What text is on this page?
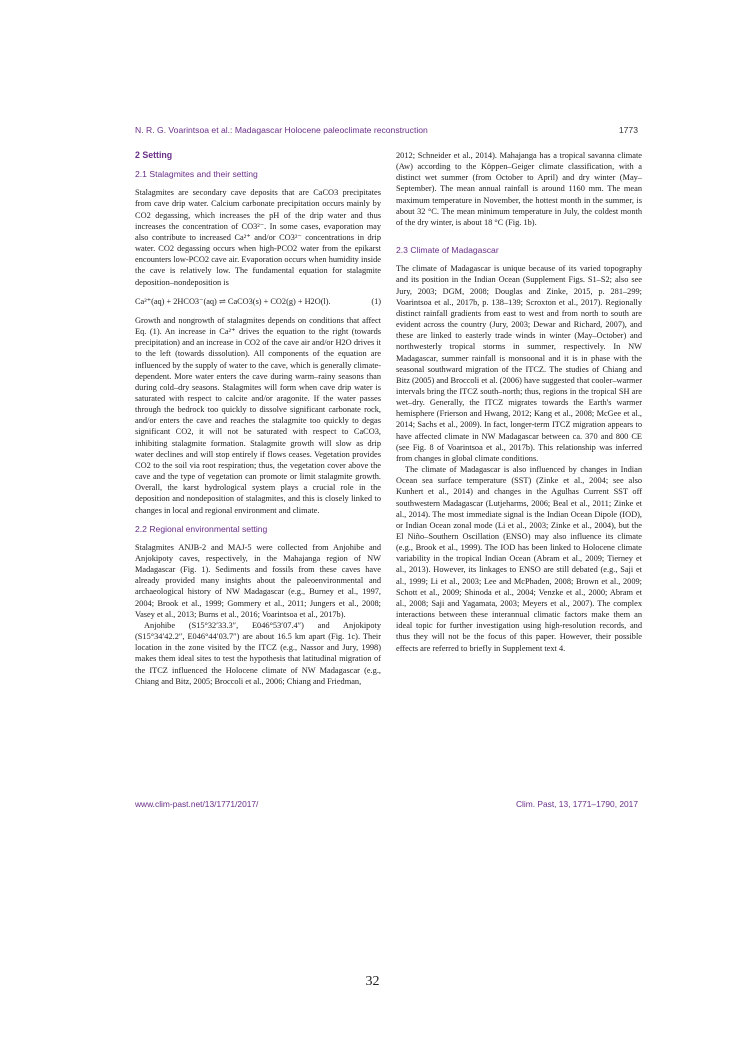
N. R. G. Voarintsoa et al.: Madagascar Holocene paleoclimate reconstruction	1773
2 Setting
2.1 Stalagmites and their setting

Stalagmites are secondary cave deposits that are CaCO3 precipitates from cave drip water. Calcium carbonate precipitation occurs mainly by CO2 degassing, which increases the pH of the drip water and thus increases the concentration of CO3²⁻. In some cases, evaporation may also contribute to increased Ca²⁺ and/or CO3²⁻ concentrations in drip water. CO2 degassing occurs when high-PCO2 water from the epikarst encounters low-PCO2 cave air. Evaporation occurs when humidity inside the cave is relatively low. The fundamental equation for stalagmite deposition–nondeposition is

Ca²⁺(aq) + 2HCO3⁻(aq) ⇌ CaCO3(s) + CO2(g) + H2O(l).	(1)

Growth and nongrowth of stalagmites depends on conditions that affect Eq. (1). An increase in Ca²⁺ drives the equation to the right (towards precipitation) and an increase in CO2 of the cave air and/or H2O drives it to the left (towards dissolution). All components of the equation are influenced by the supply of water to the cave, which is generally climate-dependent. More water enters the cave during warm–rainy seasons than during cold–dry seasons. Stalagmites will form when cave drip water is saturated with respect to calcite and/or aragonite. If the water passes through the bedrock too quickly to dissolve significant carbonate rock, and/or enters the cave and reaches the stalagmite too quickly to degas significant CO2, it will not be saturated with respect to CaCO3, inhibiting stalagmite formation. Stalagmite growth will slow as drip water declines and will stop entirely if flows ceases. Vegetation provides CO2 to the soil via root respiration; thus, the vegetation cover above the cave and the type of vegetation can promote or limit stalagmite growth. Overall, the karst hydrological system plays a crucial role in the deposition and nondeposition of stalagmites, and this is closely linked to changes in local and regional environment and climate.

2.2 Regional environmental setting

Stalagmites ANJB-2 and MAJ-5 were collected from Anjohibe and Anjokipoty caves, respectively, in the Mahajanga region of NW Madagascar (Fig. 1). Sediments and fossils from these caves have already provided many insights about the paleoenvironmental and archaeological history of NW Madagascar (e.g., Burney et al., 1997, 2004; Brook et al., 1999; Gommery et al., 2011; Jungers et al., 2008; Vasey et al., 2013; Burns et al., 2016; Voarintsoa et al., 2017b).

Anjohibe (S15°32′33.3″, E046°53′07.4″) and Anjokipoty (S15°34′42.2″, E046°44′03.7″) are about 16.5 km apart (Fig. 1c). Their location in the zone visited by the ITCZ (e.g., Nassor and Jury, 1998) makes them ideal sites to test the hypothesis that latitudinal migration of the ITCZ influenced the Holocene climate of NW Madagascar (e.g., Chiang and Bitz, 2005; Broccoli et al., 2006; Chiang and Friedman,

2012; Schneider et al., 2014). Mahajanga has a tropical savanna climate (Aw) according to the Köppen–Geiger climate classification, with a distinct wet summer (from October to April) and dry winter (May–September). The mean annual rainfall is around 1160 mm. The mean maximum temperature in November, the hottest month in the summer, is about 32 °C. The mean minimum temperature in July, the coldest month of the dry winter, is about 18 °C (Fig. 1b).

2.3 Climate of Madagascar

The climate of Madagascar is unique because of its varied topography and its position in the Indian Ocean (Supplement Figs. S1–S2; also see Jury, 2003; DGM, 2008; Douglas and Zinke, 2015, p. 281–299; Voarintsoa et al., 2017b, p. 138–139; Scroxton et al., 2017). Regionally distinct rainfall gradients from east to west and from north to south are evident across the country (Jury, 2003; Dewar and Richard, 2007), and these are linked to easterly trade winds in winter (May–October) and northwesterly tropical storms in summer, respectively. In NW Madagascar, summer rainfall is monsoonal and it is in phase with the seasonal southward migration of the ITCZ. The studies of Chiang and Bitz (2005) and Broccoli et al. (2006) have suggested that cooler–warmer intervals bring the ITCZ south–north; thus, regions in the tropical SH are wet–dry. Generally, the ITCZ migrates towards the Earth's warmer hemisphere (Frierson and Hwang, 2012; Kang et al., 2008; McGee et al., 2014; Sachs et al., 2009). In fact, longer-term ITCZ migration appears to have affected climate in NW Madagascar between ca. 370 and 800 CE (see Fig. 8 of Voarintsoa et al., 2017b). This relationship was inferred from changes in global climate conditions.

The climate of Madagascar is also influenced by changes in Indian Ocean sea surface temperature (SST) (Zinke et al., 2004; see also Kunhert et al., 2014) and changes in the Agulhas Current SST off southwestern Madagascar (Lutjeharms, 2006; Beal et al., 2011; Zinke et al., 2014). The most immediate signal is the Indian Ocean Dipole (IOD), or Indian Ocean zonal mode (Li et al., 2003; Zinke et al., 2004), but the El Niño–Southern Oscillation (ENSO) may also influence its climate (e.g., Brook et al., 1999). The IOD has been linked to Holocene climate variability in the tropical Indian Ocean (Abram et al., 2009; Tierney et al., 2013). However, its linkages to ENSO are still debated (e.g., Saji et al., 1999; Li et al., 2003; Lee and McPhaden, 2008; Brown et al., 2009; Schott et al., 2009; Shinoda et al., 2004; Venzke et al., 2000; Abram et al., 2008; Saji and Yagamata, 2003; Meyers et al., 2007). The complex interactions between these interannual climatic factors make them an ideal topic for further investigation using high-resolution records, and thus they will not be the focus of this paper. However, their possible effects are referred to briefly in Supplement text 4.

www.clim-past.net/13/1771/2017/	Clim. Past, 13, 1771–1790, 2017
32
